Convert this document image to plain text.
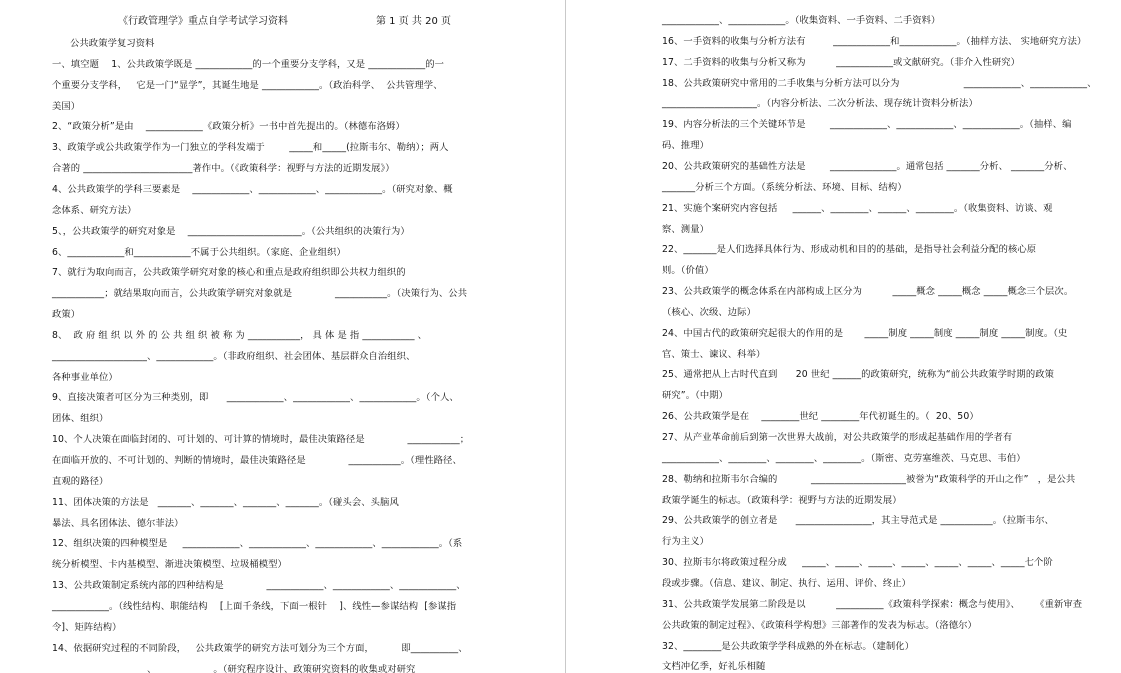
《行政管理学》重点自学考试学习资料	第 1 页 共 20 页
公共政策学复习资料
一、填空题    1、公共政策学既是 ____________的一个重要分支学科，又是 ____________的一
个重要分支学科，   它是一门“显学”，其诞生地是 ____________。（政治科学、  公共管理学、
美国）
2、“政策分析”是由    ____________《政策分析》一书中首先提出的。（林德布洛姆）
3、政策学或公共政策学作为一门独立的学科发端于        _____和_____(拉斯韦尔、勒纳）；两人
合著的 _______________________著作中。（《政策科学：视野与方法的近期发展》）
4、公共政策学的学科三要素是    ____________、____________、____________。（研究对象、概
念体系、研究方法）
5、，公共政策学的研究对象是    ________________________。（公共组织的决策行为）
6、____________和____________不属于公共组织。（家庭、企业组织）
7、就行为取向而言，公共政策学研究对象的核心和重点是政府组织即公共权力组织的
___________；就结果取向而言，公共政策学研究对象就是              ___________。（决策行为、公共
政策）
8、  政 府 组 织 以 外 的 公 共 组 织 被 称 为 ___________， 具 体 是 指 ___________ 、
____________________、____________。（非政府组织、社会团体、基层群众自治组织、
各种事业单位）
9、直接决策者可区分为三种类别，即      ____________、____________、____________。（个人、
团体、组织）
10、个人决策在面临封闭的、可计划的、可计算的情境时，最佳决策路径是              ___________；
在面临开放的、不可计划的、判断的情境时，最佳决策路径是              ___________。（理性路径、
直观的路径）
11、团体决策的方法是   _______、_______、_______、_______。（碰头会、头脑风
暴法、具名团体法、德尔菲法）
12、组织决策的四种模型是     ____________、____________、____________、____________。（系
统分析模型、卡内基模型、渐进决策模型、垃圾桶模型）
13、公共政策制定系统内部的四种结构是              ____________、____________、____________、
____________。（线性结构、职能结构    [上面千条线，下面一根针    ]、线性—参谋结构  [参谋指
令]、矩阵结构）
14、依据研究过程的不同阶段，   公共政策学的研究方法可划分为三个方面，         即__________、
____________________、____________。（研究程序设计、政策研究资料的收集或对研究
____________、____________。（收集资料、一手资料、二手资料）
16、一手资料的收集与分析方法有         ____________和____________。（抽样方法、 实地研究方法）
17、二手资料的收集与分析又称为          ____________或文献研究。（非介入性研究）
18、公共政策研究中常用的二手收集与分析方法可以分为                     ____________、____________、
____________________。（内容分析法、二次分析法、现存统计资料分析法）
19、内容分析法的三个关键环节是        ____________、____________、____________。（抽样、编
码、推理）
20、公共政策研究的基础性方法是        ______________。通常包括 _______分析、 _______分析、
_______分析三个方面。（系统分析法、环境、目标、结构）
21、实施个案研究内容包括     ______、________、______、________。（收集资料、访谈、观
察、测量）
22、_______是人们选择具体行为、形成动机和目的的基础，是指导社会利益分配的核心原
则。（价值）
23、公共政策学的概念体系在内部构成上区分为          _____概念 _____概念 _____概念三个层次。
（核心、次级、边际）
24、中国古代的政策研究起很大的作用的是       _____制度 _____制度 _____制度 _____制度。（史
官、策士、谏议、科举）
25、通常把从上古时代直到      20 世纪 ______的政策研究，统称为“前公共政策学时期的政策
研究”。（中期）
26、公共政策学是在    ________世纪 ________年代初诞生的。（  20、50）
27、从产业革命前后到第一次世界大战前，对公共政策学的形成起基础作用的学者有
____________、________、________、________。（斯密、克劳塞维茨、马克思、韦伯）
28、勒纳和拉斯韦尔合编的           ____________________被誉为“政策科学的开山之作”   ，是公共
政策学诞生的标志。（政策科学：视野与方法的近期发展）
29、公共政策学的创立者是      ________________，其主导范式是 ___________。（拉斯韦尔、
行为主义）
30、拉斯韦尔将政策过程分成     _____、_____、_____、_____、_____、_____、_____七个阶
段或步骤。（信息、建议、制定、执行、运用、评价、终止）
31、公共政策学发展第二阶段是以          __________《政策科学探索：概念与使用》、     《重新审查
公共政策的制定过程》、《政策科学构想》三部著作的发表为标志。（洛德尔）
32、________是公共政策学学科成熟的外在标志。（建制化）
文档冲亿季，好礼乐相随
